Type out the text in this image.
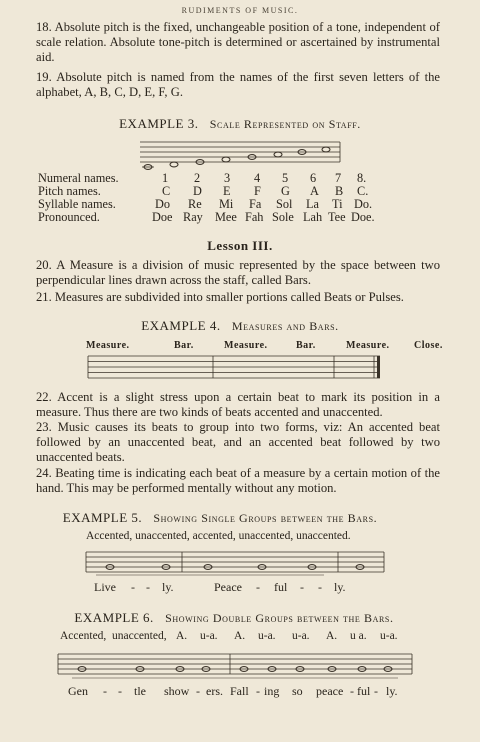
RUDIMENTS OF MUSIC.
18. Absolute pitch is the fixed, unchangeable position of a tone, independent of scale relation. Absolute tone-pitch is determined or ascertained by instrumental aid.
19. Absolute pitch is named from the names of the first seven letters of the alphabet, A, B, C, D, E, F, G.
EXAMPLE 3. Scale Represented on Staff.
Numeral names.	1 2 3 4 5 6 7 8.
Pitch names.	C D E F G A B C.
Syllable names.	Do Re Mi Fa Sol La Ti Do.
Pronounced.	Doe Ray Mee Fah Sole Lah Tee Doe.
Lesson III.
20. A Measure is a division of music represented by the space between two perpendicular lines drawn across the staff, called Bars.
21. Measures are subdivided into smaller portions called Beats or Pulses.
EXAMPLE 4. Measures and Bars.
Measure.	Bar.	Measure.	Bar.	Measure. Close.
22. Accent is a slight stress upon a certain beat to mark its position in a measure. Thus there are two kinds of beats accented and unaccented.
23. Music causes its beats to group into two forms, viz: An accented beat followed by an unaccented beat, and an accented beat followed by two unaccented beats.
24. Beating time is indicating each beat of a measure by a certain motion of the hand. This may be performed mentally without any motion.
EXAMPLE 5. Showing Single Groups between the Bars.
Accented, unaccented, accented, unaccented, unaccented.
Live - - ly.	Peace - ful - - ly.
EXAMPLE 6. Showing Double Groups between the Bars.
Accented, unaccented, A. u-a. A. u-a. u-a. A. u a. u-a.
Gen - - tle show - ers. Fall - ing so peace - ful - ly.
